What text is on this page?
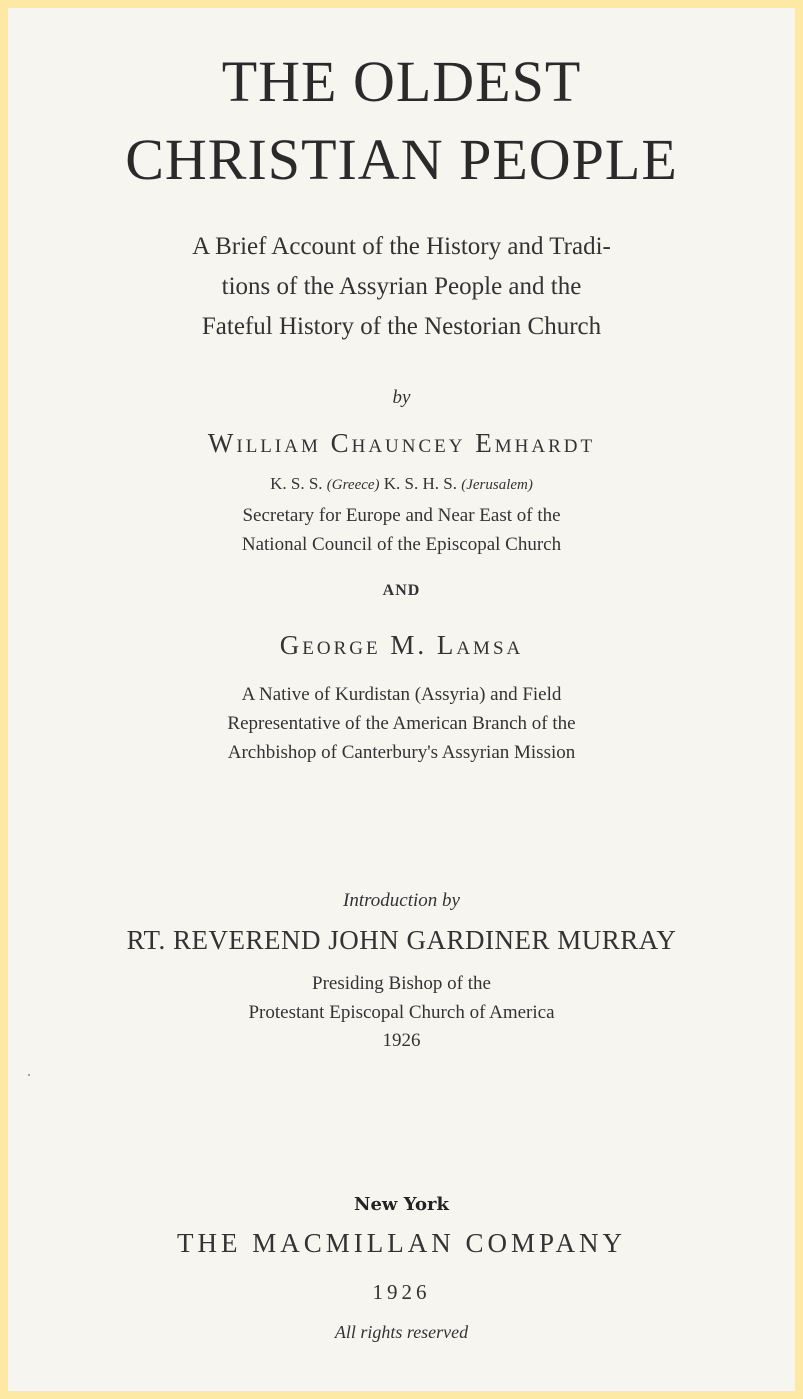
THE OLDEST
CHRISTIAN PEOPLE

A Brief Account of the History and Tradi-

tions of the Assyrian People and the

Fateful History of the Nestorian Church

by

William Chauncey Emhardt

K. S. S. (Greece) K. S. H. S. (Jerusalem)

Secretary for Europe and Near East of the

National Council of the Episcopal Church

AND

George M. Lamsa

A Native of Kurdistan (Assyria) and Field

Representative of the American Branch of the

Archbishop of Canterbury's Assyrian Mission

Introduction by

RT. REVEREND JOHN GARDINER MURRAY

Presiding Bishop of the

Protestant Episcopal Church of America

1926

New York

THE MACMILLAN COMPANY

1926

All rights reserved
